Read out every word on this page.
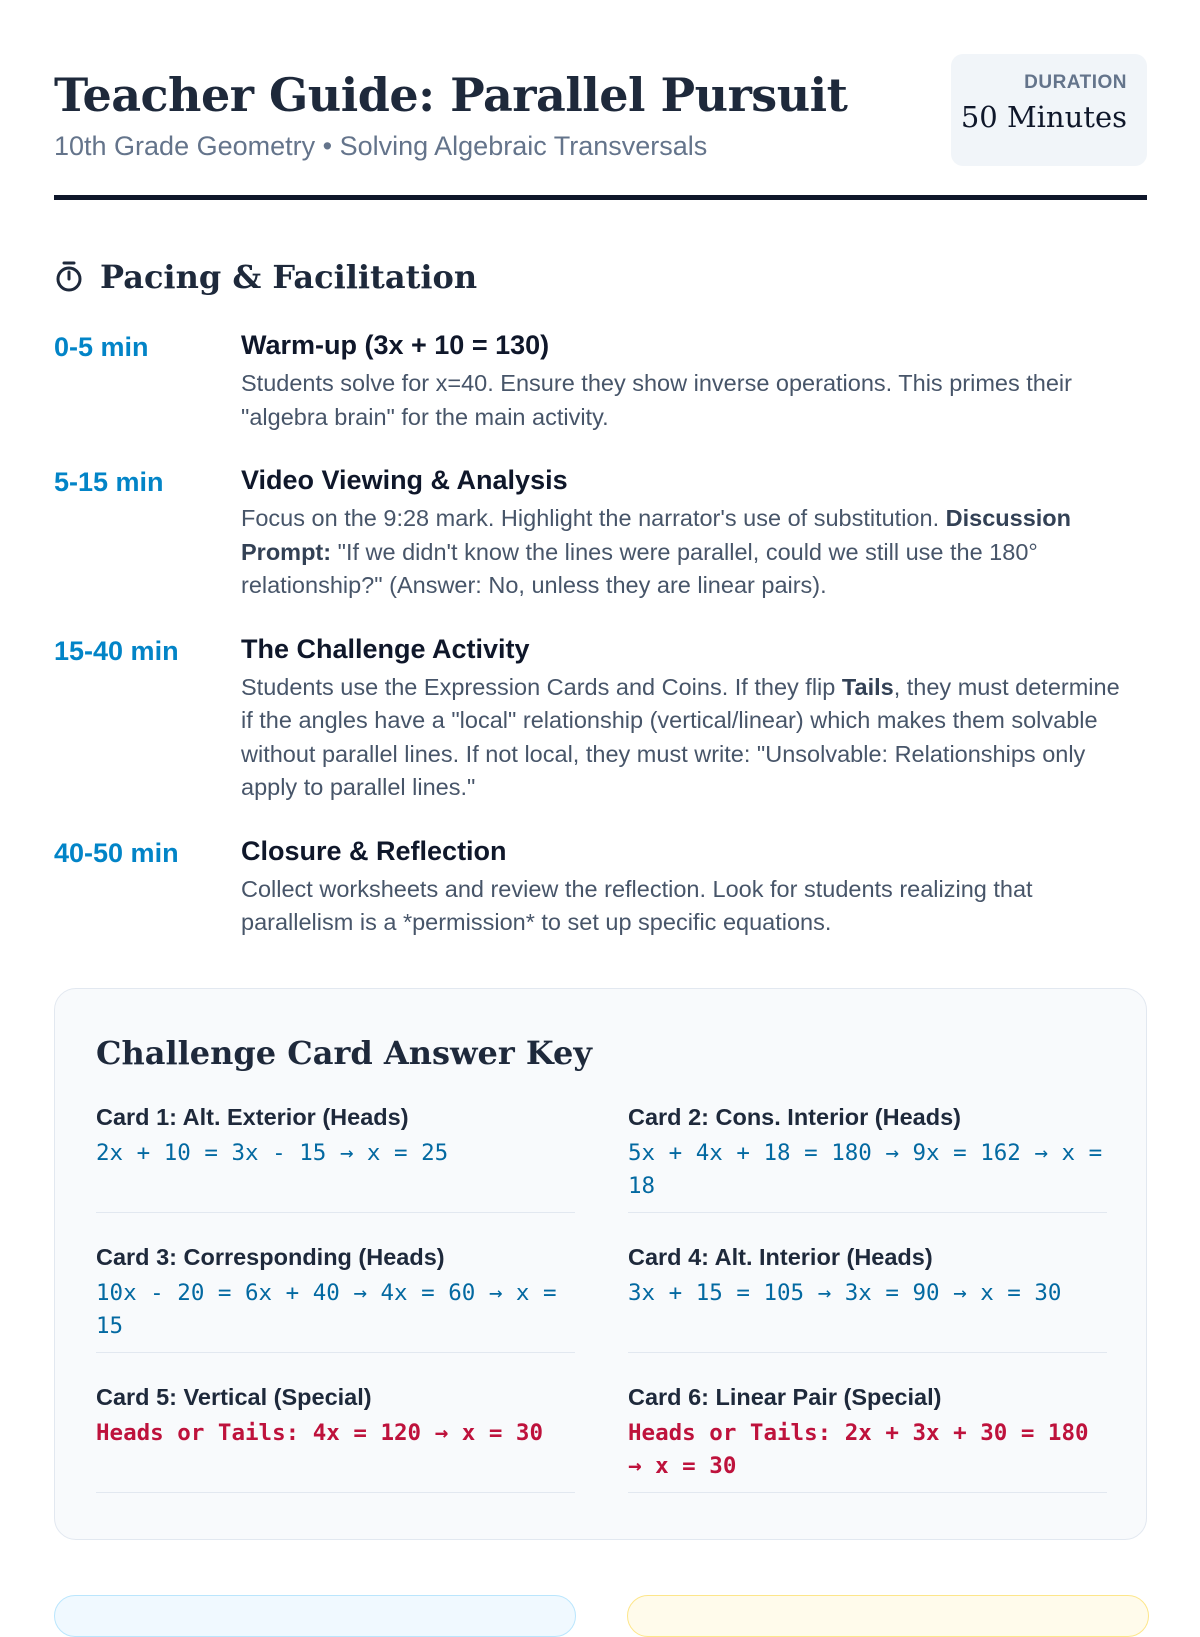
Teacher Guide: Parallel Pursuit
10th Grade Geometry • Solving Algebraic Transversals
DURATION
50 Minutes
Pacing & Facilitation
0-5 min	Warm-up (3x + 10 = 130)
Students solve for x=40. Ensure they show inverse operations. This primes their "algebra brain" for the main activity.
5-15 min	Video Viewing & Analysis
Focus on the 9:28 mark. Highlight the narrator's use of substitution. Discussion Prompt: "If we didn't know the lines were parallel, could we still use the 180° relationship?" (Answer: No, unless they are linear pairs).
15-40 min	The Challenge Activity
Students use the Expression Cards and Coins. If they flip Tails, they must determine if the angles have a "local" relationship (vertical/linear) which makes them solvable without parallel lines. If not local, they must write: "Unsolvable: Relationships only apply to parallel lines."
40-50 min	Closure & Reflection
Collect worksheets and review the reflection. Look for students realizing that parallelism is a *permission* to set up specific equations.
Challenge Card Answer Key
Card 1: Alt. Exterior (Heads)
2x + 10 = 3x - 15 → x = 25
Card 2: Cons. Interior (Heads)
5x + 4x + 18 = 180 → 9x = 162 → x = 18
Card 3: Corresponding (Heads)
10x - 20 = 6x + 40 → 4x = 60 → x = 15
Card 4: Alt. Interior (Heads)
3x + 15 = 105 → 3x = 90 → x = 30
Card 5: Vertical (Special)
Heads or Tails: 4x = 120 → x = 30
Card 6: Linear Pair (Special)
Heads or Tails: 2x + 3x + 30 = 180 → x = 30
